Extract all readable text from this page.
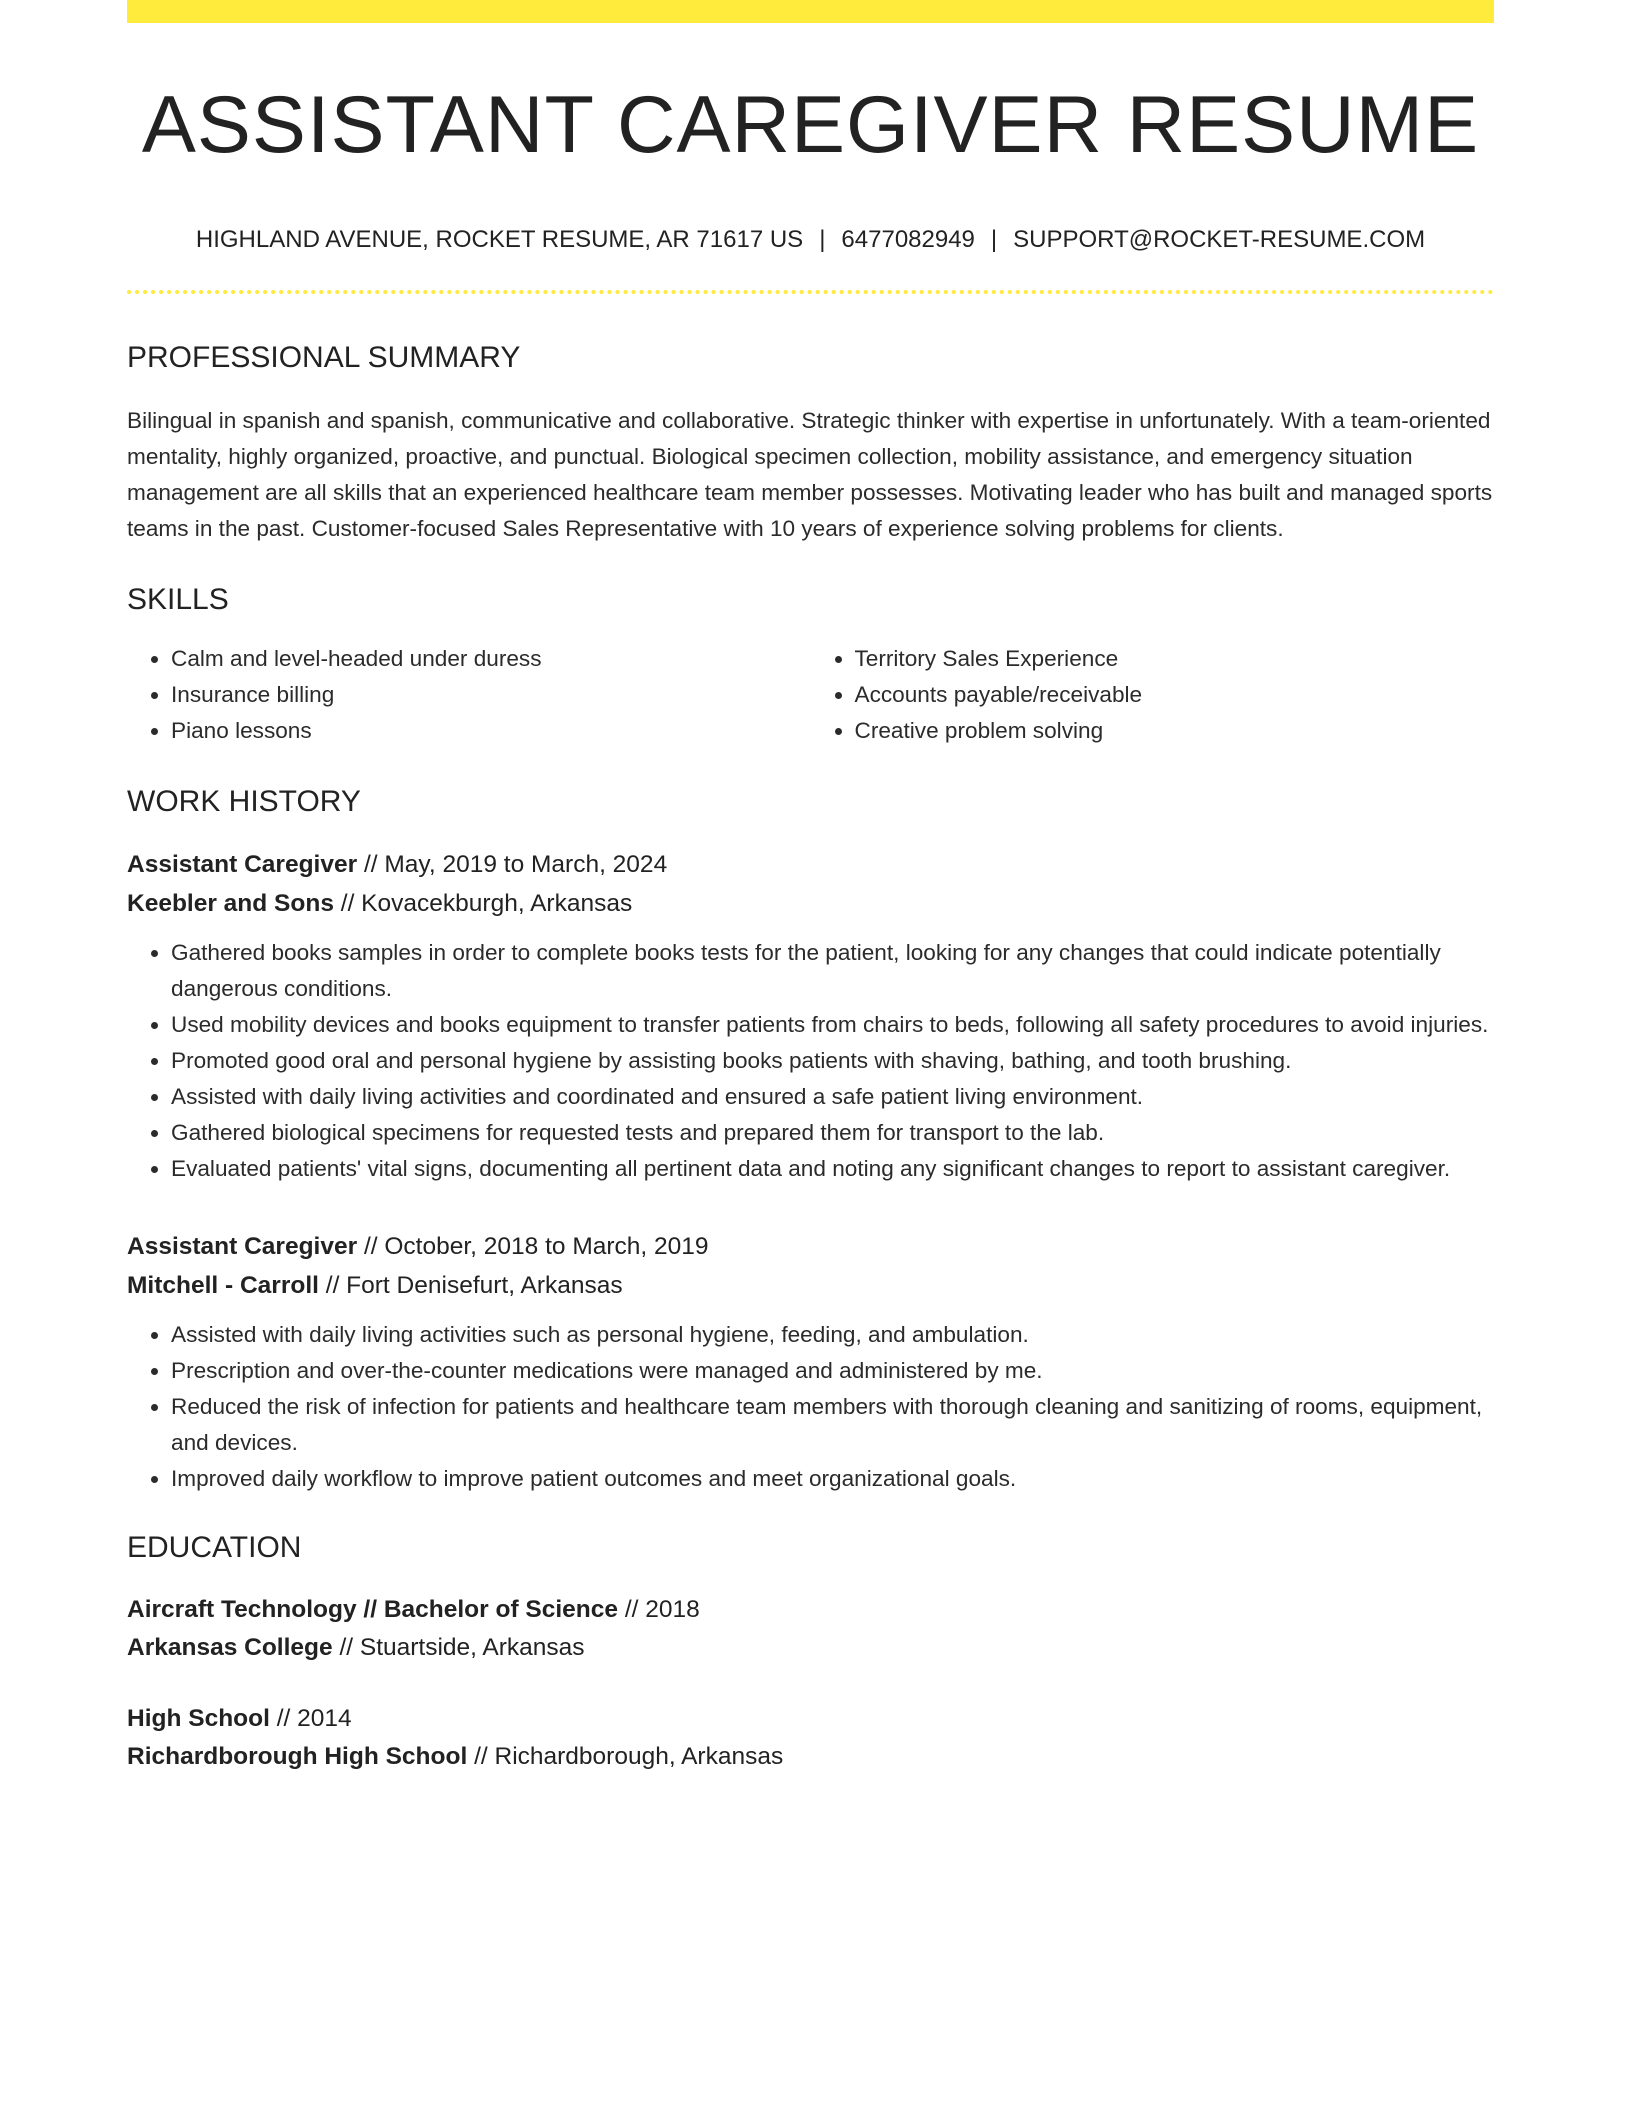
ASSISTANT CAREGIVER RESUME
HIGHLAND AVENUE, ROCKET RESUME, AR 71617 US | 6477082949 | SUPPORT@ROCKET-RESUME.COM
PROFESSIONAL SUMMARY

Bilingual in spanish and spanish, communicative and collaborative. Strategic thinker with expertise in unfortunately. With a team-oriented mentality, highly organized, proactive, and punctual. Biological specimen collection, mobility assistance, and emergency situation management are all skills that an experienced healthcare team member possesses. Motivating leader who has built and managed sports teams in the past. Customer-focused Sales Representative with 10 years of experience solving problems for clients.

SKILLS
• Calm and level-headed under duress
• Insurance billing
• Piano lessons
• Territory Sales Experience
• Accounts payable/receivable
• Creative problem solving
WORK HISTORY
Assistant Caregiver // May, 2019 to March, 2024
Keebler and Sons // Kovacekburgh, Arkansas
• Gathered books samples in order to complete books tests for the patient, looking for any changes that could indicate potentially dangerous conditions.
• Used mobility devices and books equipment to transfer patients from chairs to beds, following all safety procedures to avoid injuries.
• Promoted good oral and personal hygiene by assisting books patients with shaving, bathing, and tooth brushing.
• Assisted with daily living activities and coordinated and ensured a safe patient living environment.
• Gathered biological specimens for requested tests and prepared them for transport to the lab.
• Evaluated patients' vital signs, documenting all pertinent data and noting any significant changes to report to assistant caregiver.
Assistant Caregiver // October, 2018 to March, 2019
Mitchell - Carroll // Fort Denisefurt, Arkansas
• Assisted with daily living activities such as personal hygiene, feeding, and ambulation.
• Prescription and over-the-counter medications were managed and administered by me.
• Reduced the risk of infection for patients and healthcare team members with thorough cleaning and sanitizing of rooms, equipment, and devices.
• Improved daily workflow to improve patient outcomes and meet organizational goals.
EDUCATION
Aircraft Technology // Bachelor of Science // 2018
Arkansas College // Stuartside, Arkansas
High School // 2014
Richardborough High School // Richardborough, Arkansas
